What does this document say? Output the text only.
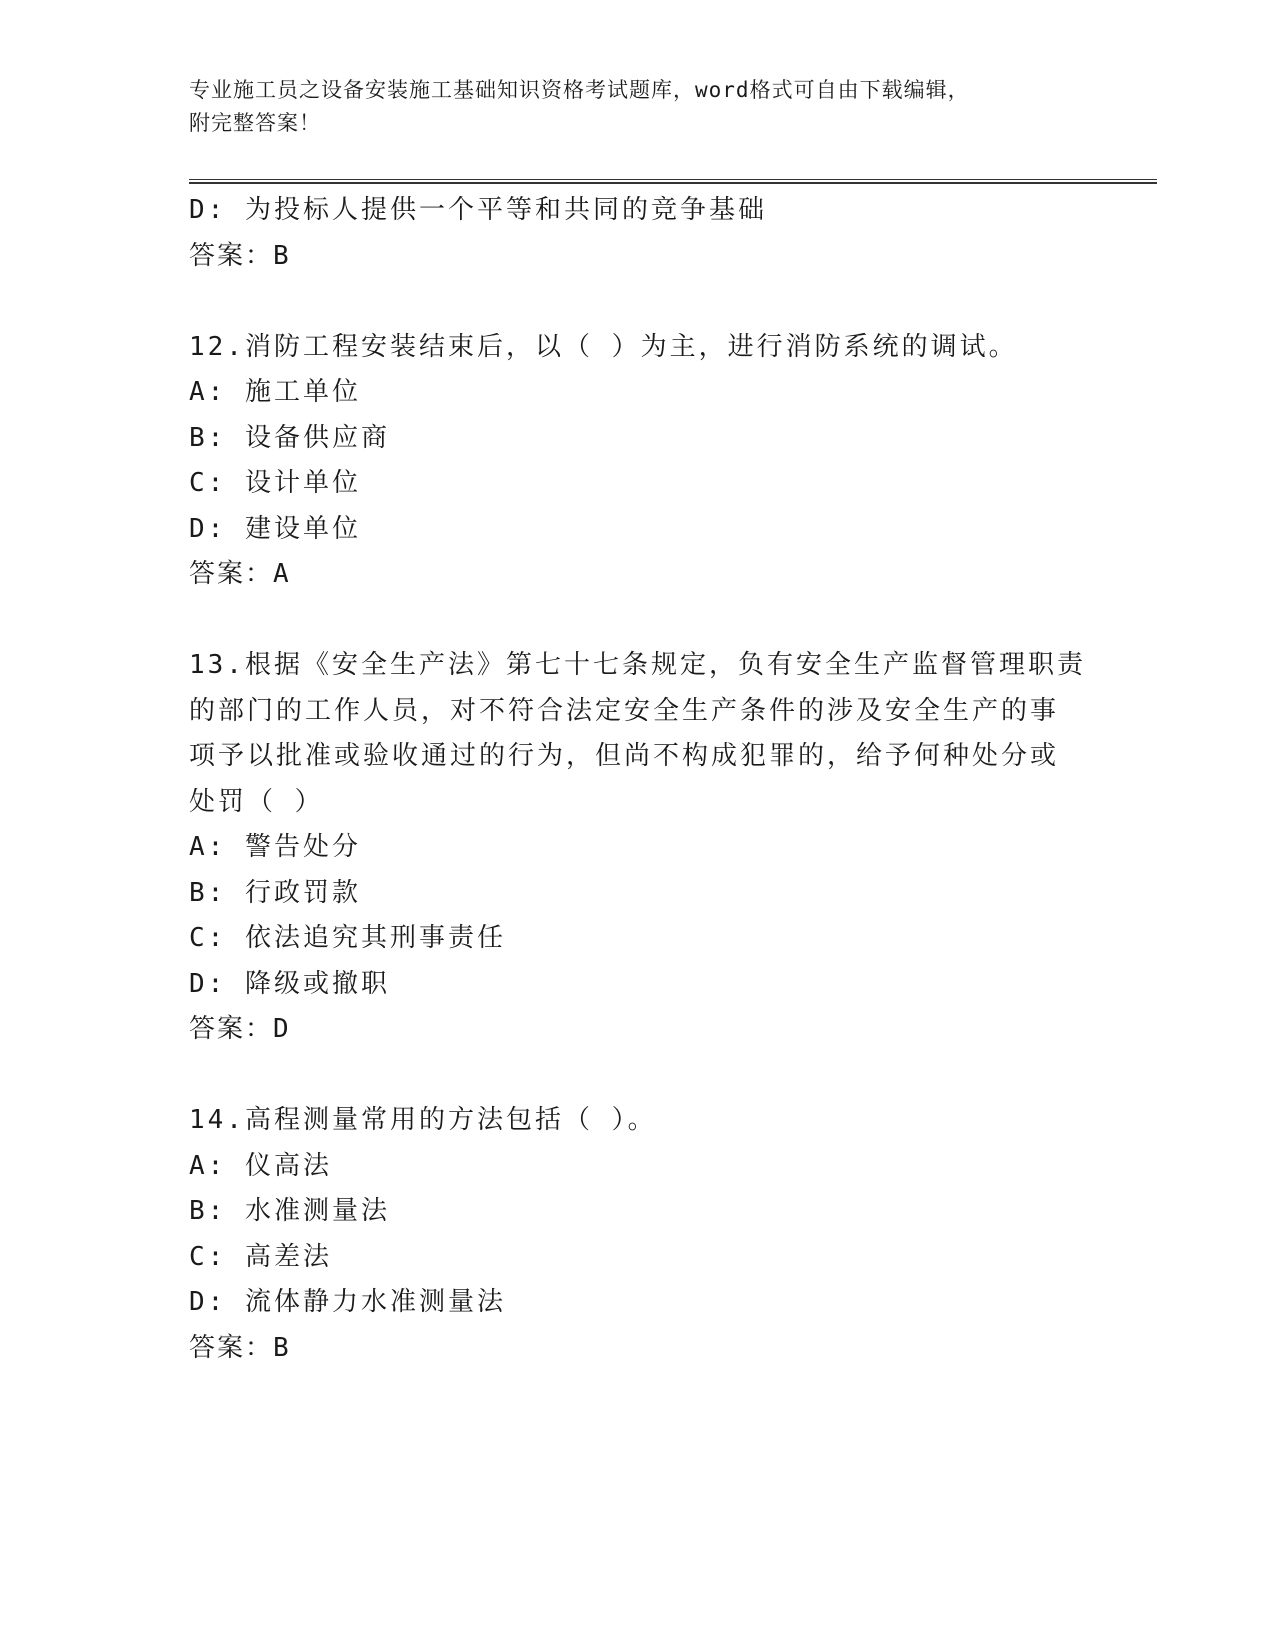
专业施工员之设备安装施工基础知识资格考试题库，word格式可自由下载编辑，
附完整答案！
D: 为投标人提供一个平等和共同的竞争基础
答案：B
12.消防工程安装结束后，以（ ）为主，进行消防系统的调试。
A: 施工单位
B: 设备供应商
C: 设计单位
D: 建设单位
答案：A
13.根据《安全生产法》第七十七条规定，负有安全生产监督管理职责
的部门的工作人员，对不符合法定安全生产条件的涉及安全生产的事
项予以批准或验收通过的行为，但尚不构成犯罪的，给予何种处分或
处罚（ ）
A: 警告处分
B: 行政罚款
C: 依法追究其刑事责任
D: 降级或撤职
答案：D
14.高程测量常用的方法包括（ ）。
A: 仪高法
B: 水准测量法
C: 高差法
D: 流体静力水准测量法
答案：B
